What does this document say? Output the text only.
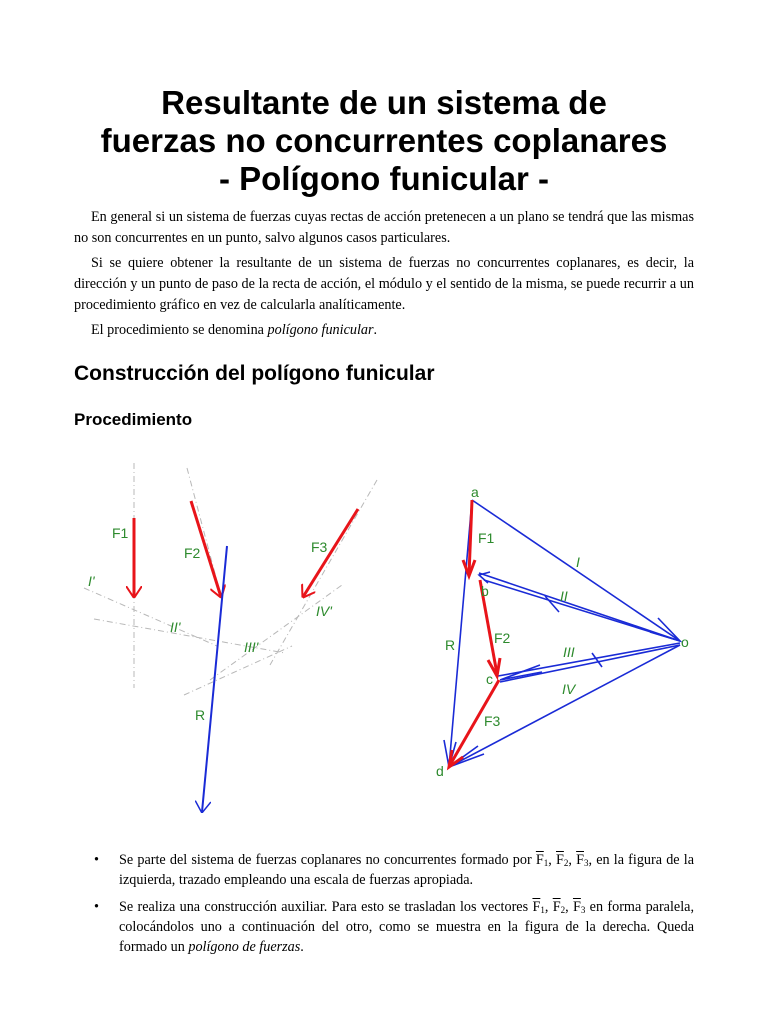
Resultante de un sistema de
fuerzas no concurrentes coplanares
- Polígono funicular -

En general si un sistema de fuerzas cuyas rectas de acción pretenecen a un plano se tendrá que las mismas no son concurrentes en un punto, salvo algunos casos particulares.

Si se quiere obtener la resultante de un sistema de fuerzas no concurrentes coplanares, es decir, la dirección y un punto de paso de la recta de acción, el módulo y el sentido de la misma, se puede recurrir a un procedimiento gráfico en vez de calcularla analíticamente.

El procedimiento se denomina polígono funicular.

Construcción del polígono funicular
Procedimiento
F1
F2	F3
I'
II'
III'
IV'
R
a
b
c
d
o
F1
F2
F3
R
I
II
III
IV
• Se parte del sistema de fuerzas coplanares no concurrentes formado por $\overline{F}_1$, $\overline{F}_2$, $\overline{F}_3$, en la figura de la izquierda, trazado empleando una escala de fuerzas apropiada.
• Se realiza una construcción auxiliar. Para esto se trasladan los vectores $\overline{F}_1$, $\overline{F}_2$, $\overline{F}_3$ en forma paralela, colocándolos uno a continuación del otro, como se muestra en la figura de la derecha. Queda formado un polígono de fuerzas.
